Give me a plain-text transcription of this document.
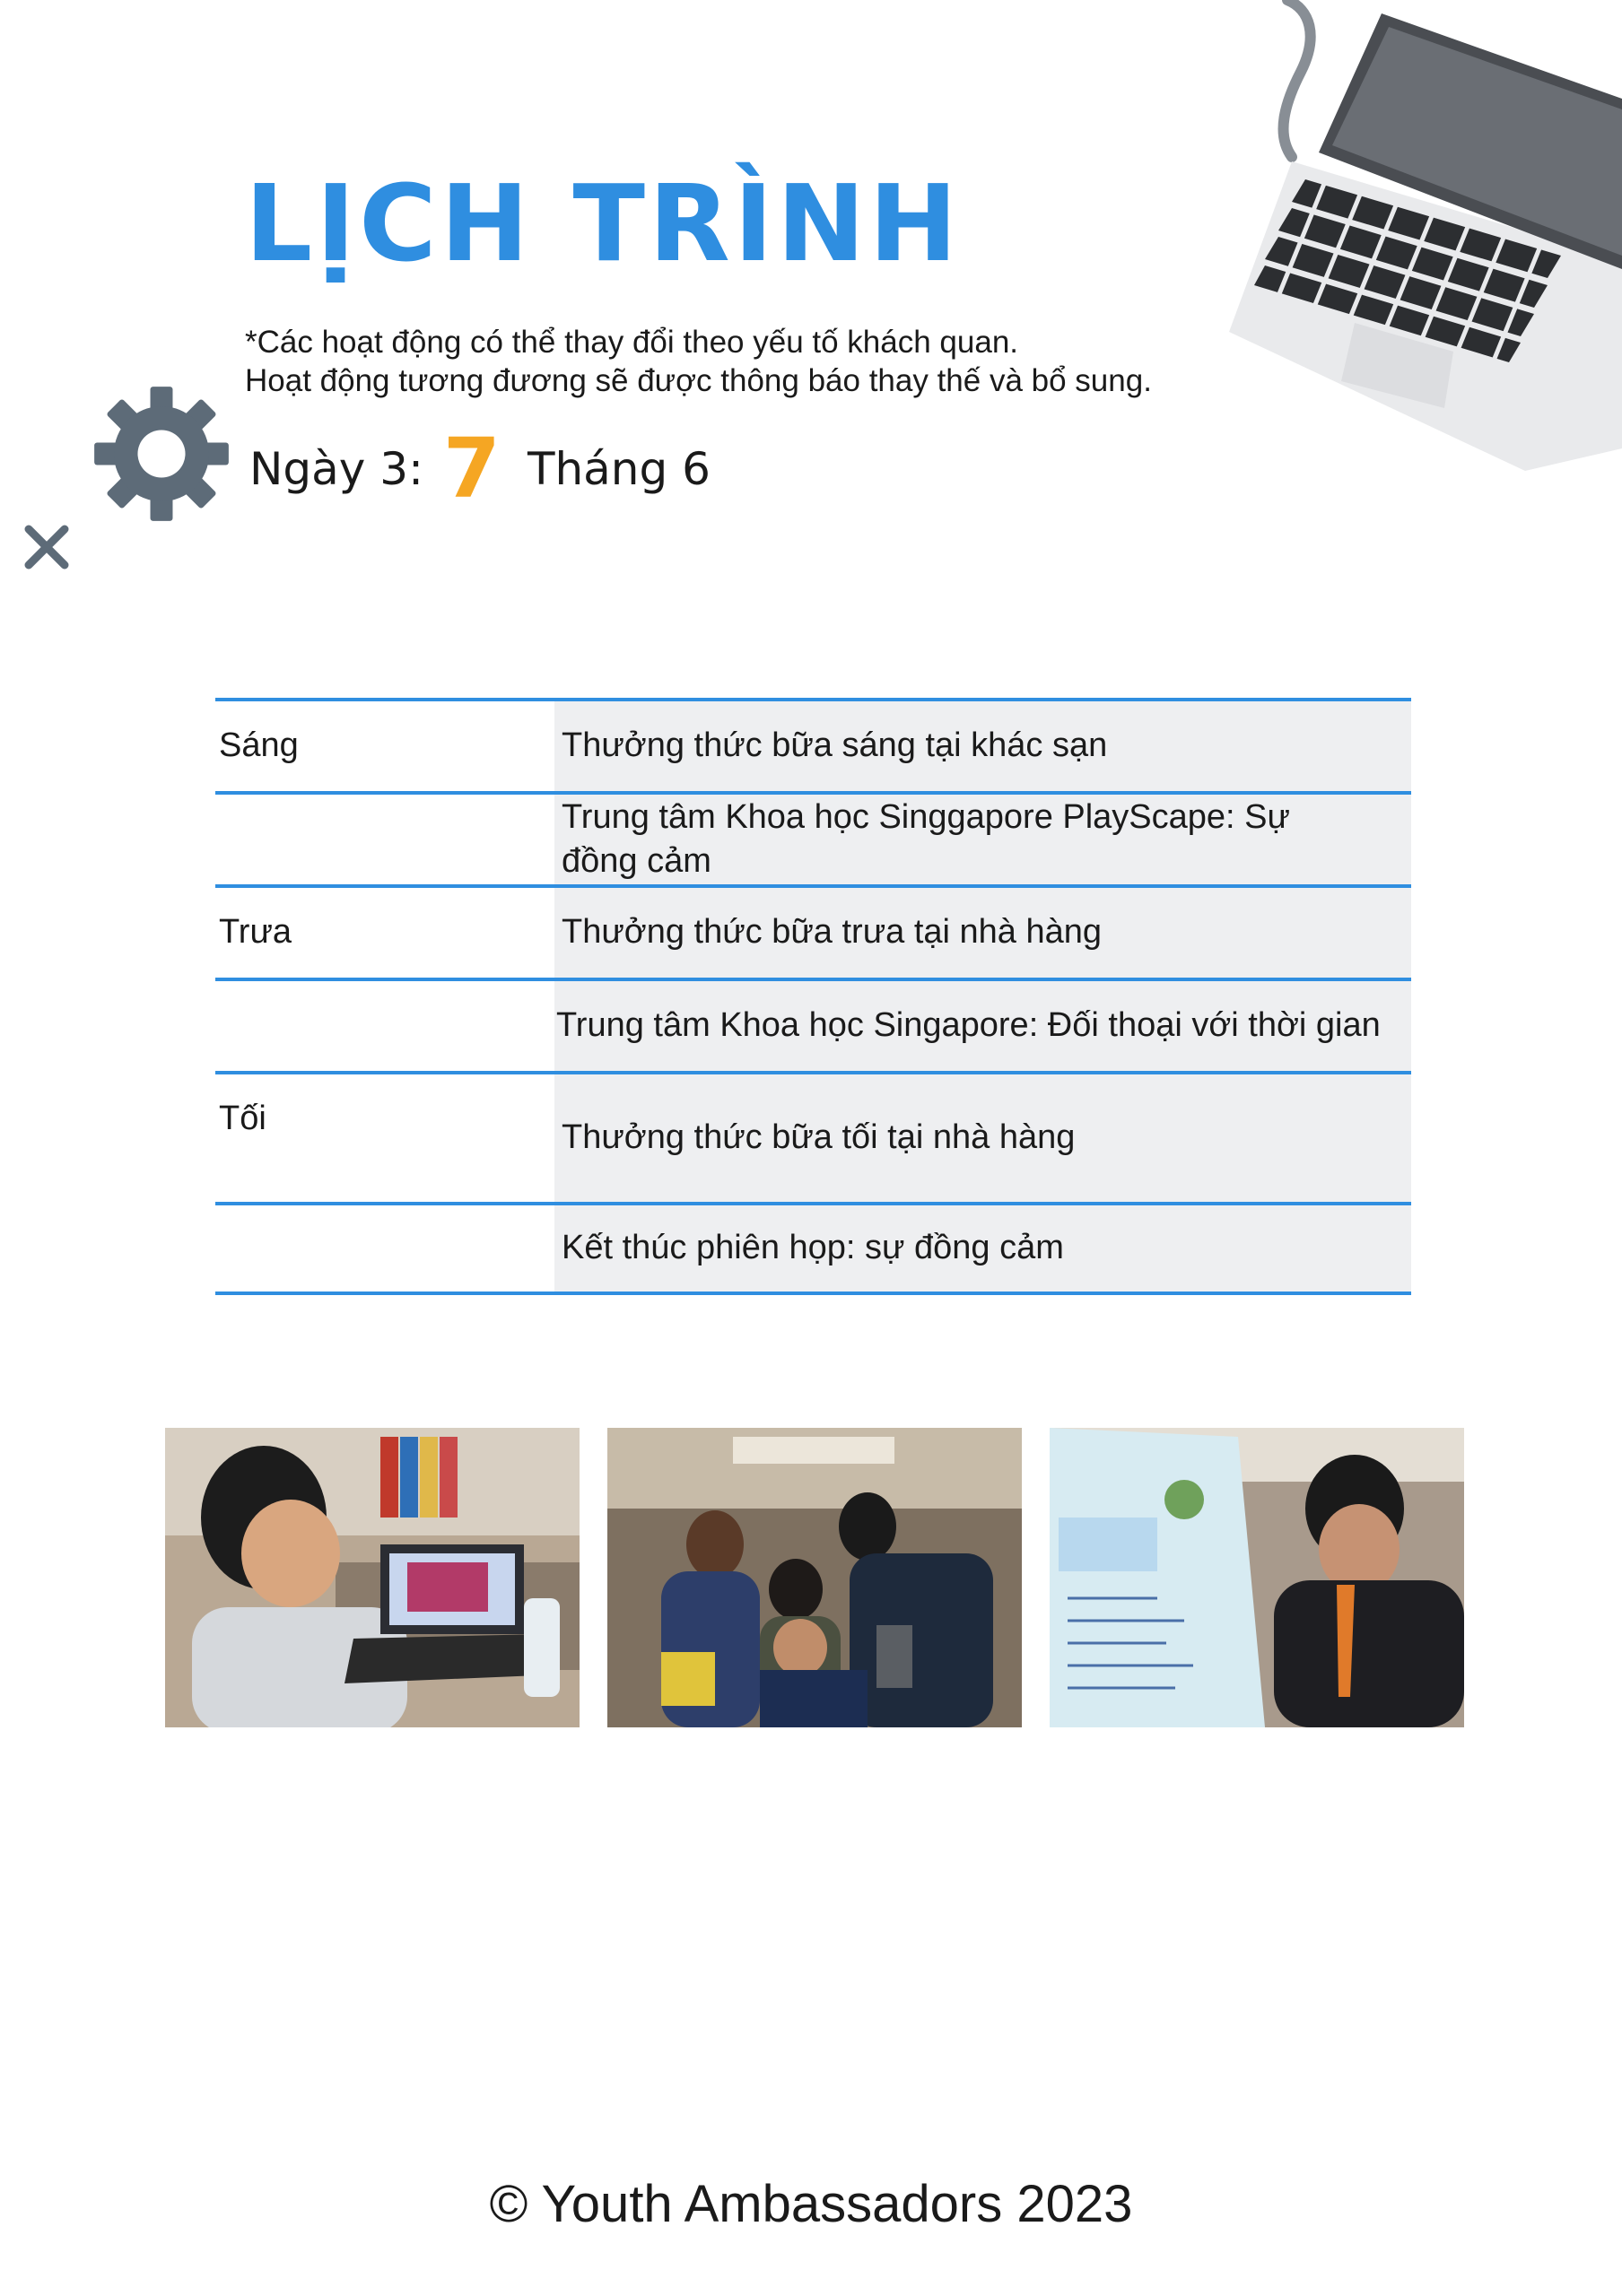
LỊCH TRÌNH
*Các hoạt động có thể thay đổi theo yếu tố khách quan.
Hoạt động tương đương sẽ được thông báo thay thế và bổ sung.
Ngày 3: 7 Tháng 6
Sáng	Thưởng thức bữa sáng tại khác sạn
Trung tâm Khoa học Singgapore PlayScape: Sự đồng cảm
Trưa	Thưởng thức bữa trưa tại nhà hàng
Trung tâm Khoa học Singapore: Đối thoại với thời gian
Tối
Thưởng thức bữa tối tại nhà hàng
Kết thúc phiên họp: sự đồng cảm
© Youth Ambassadors 2023
